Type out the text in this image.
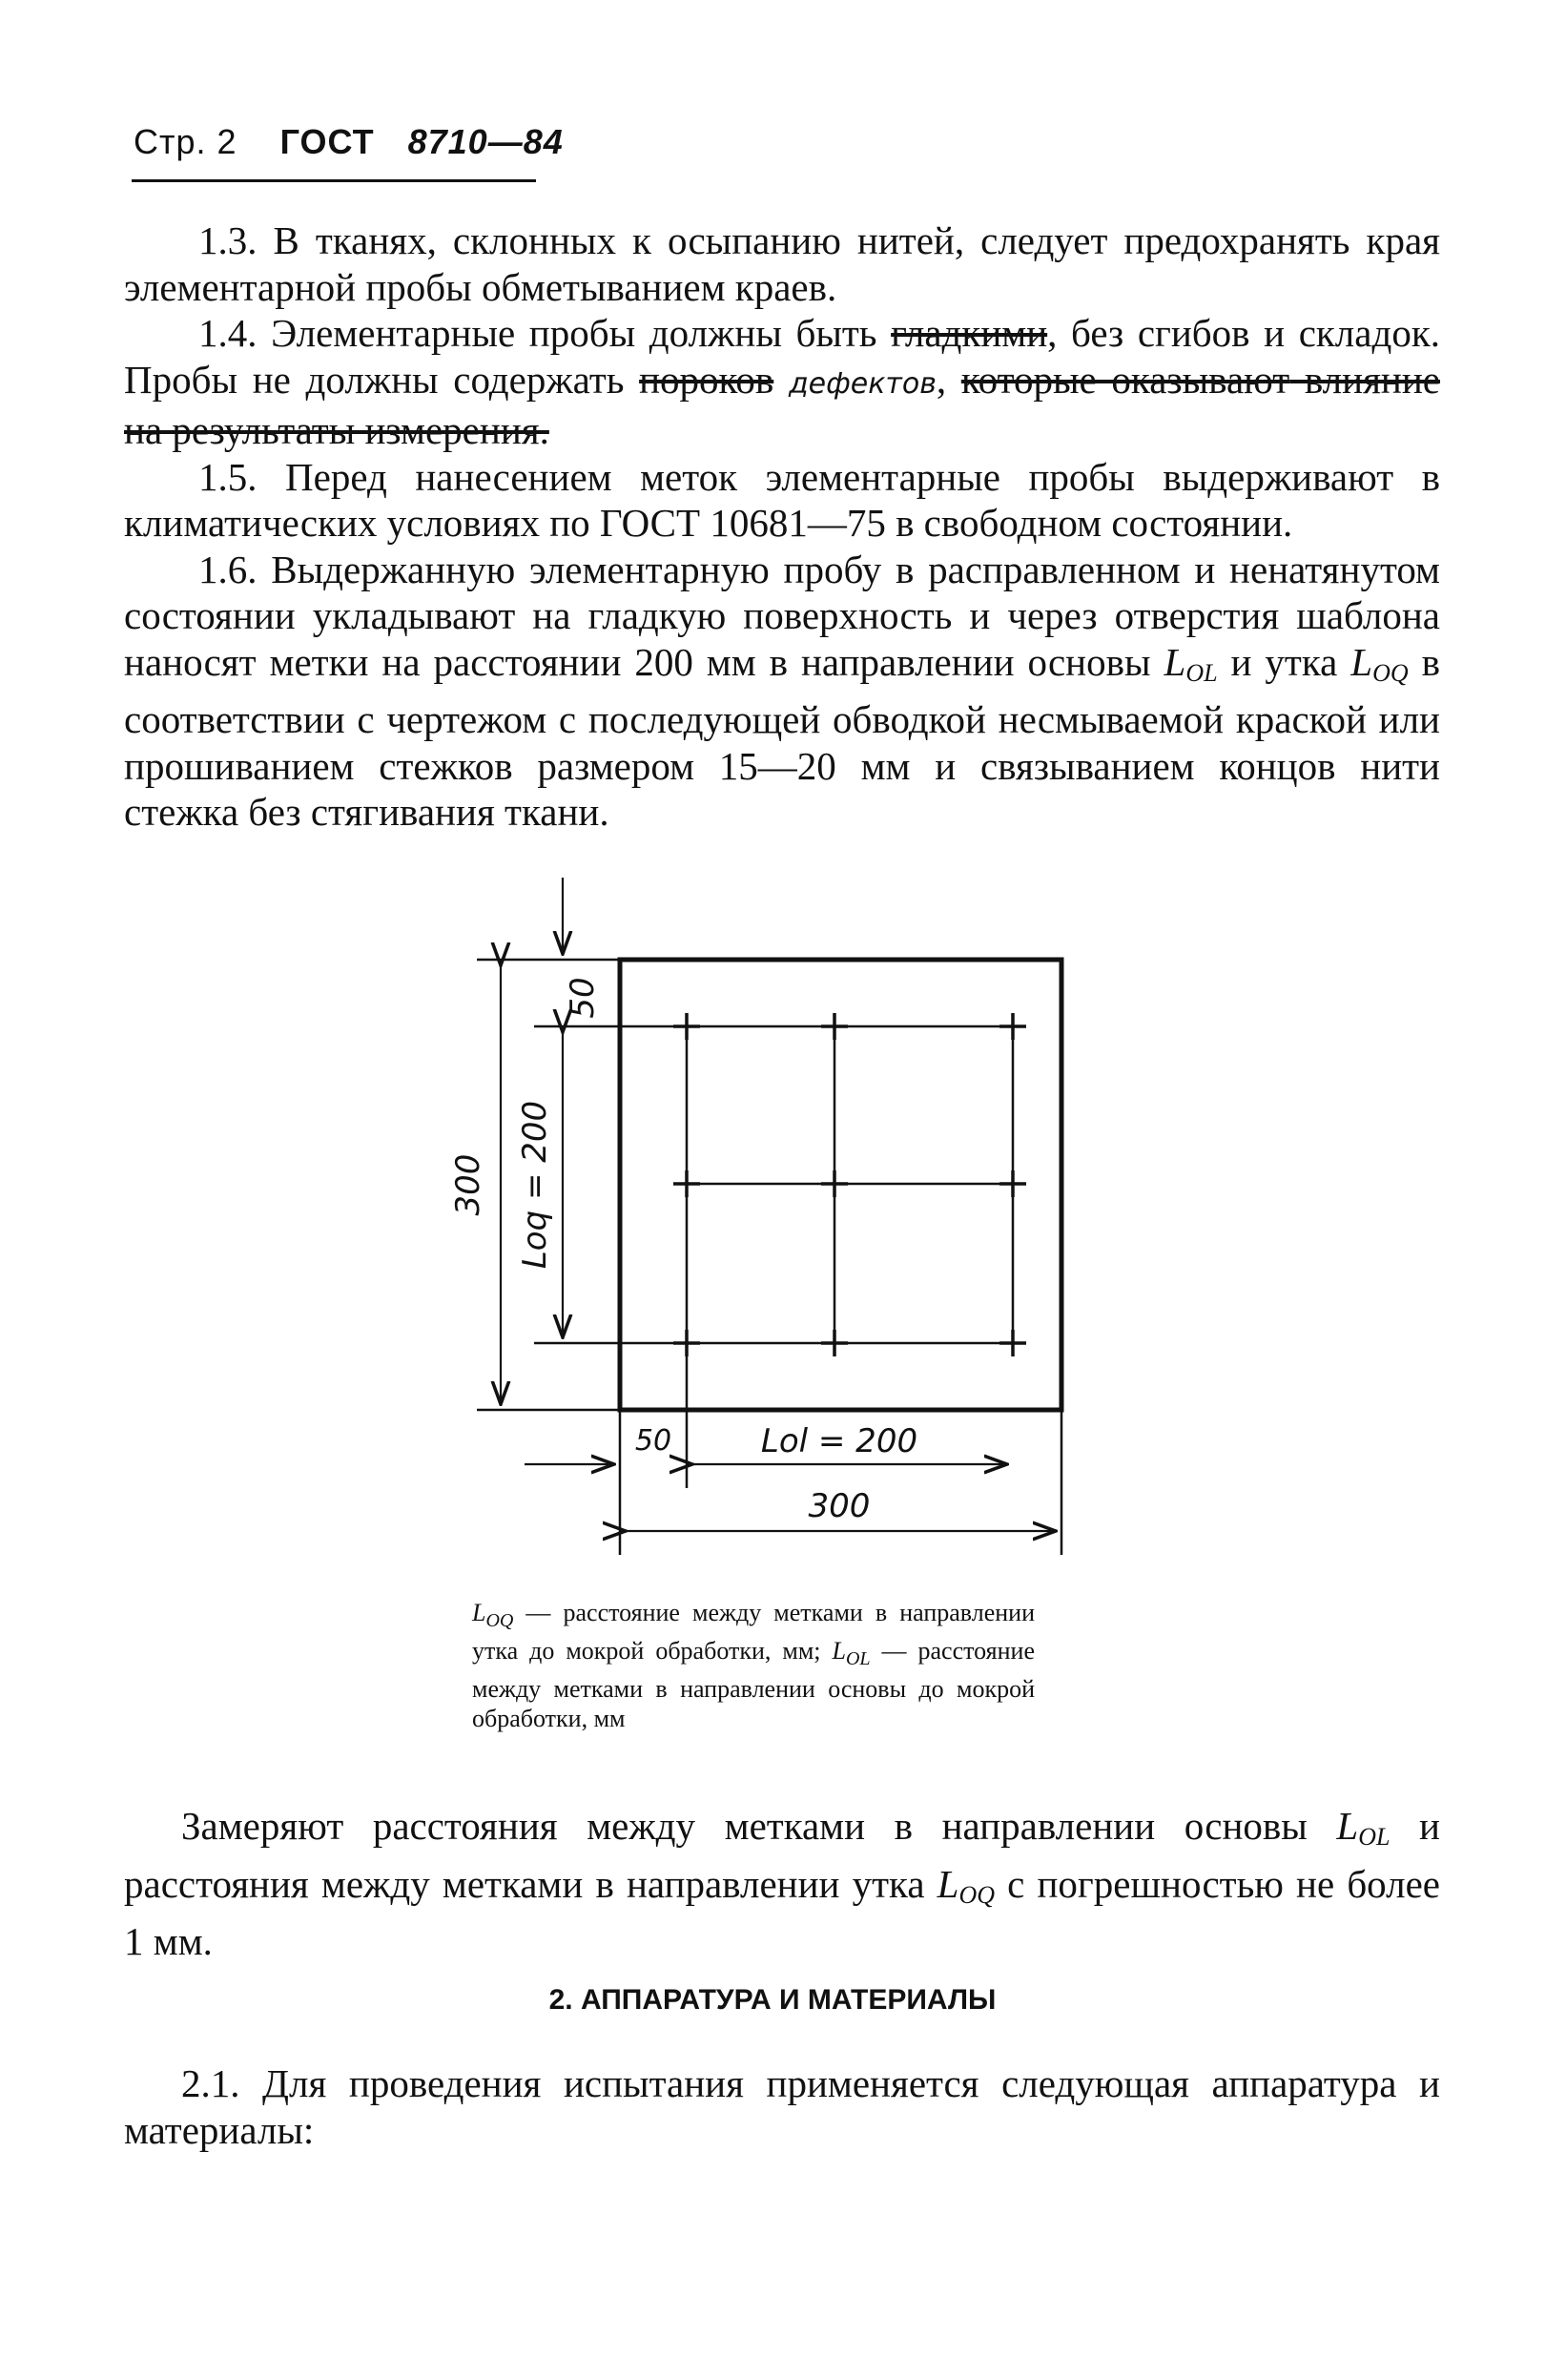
Стр. 2 ГОСТ 8710—84

1.3. В тканях, склонных к осыпанию нитей, следует предохранять края элементарной пробы обметыванием краев.

1.4. Элементарные пробы должны быть гладкими, без сгибов и складок. Пробы не должны содержать пороков дефектов, которые оказывают влияние на результаты измерения.

1.5. Перед нанесением меток элементарные пробы выдерживают в климатических условиях по ГОСТ 10681—75 в свободном состоянии.

1.6. Выдержанную элементарную пробу в расправленном и ненатянутом состоянии укладывают на гладкую поверхность и через отверстия шаблона наносят метки на расстоянии 200 мм в направлении основы $L_{OL}$ и утка $L_{OQ}$ в соответствии с чертежом с последующей обводкой несмываемой краской или прошиванием стежков размером 15—20 мм и связыванием концов нити стежка без стягивания ткани.

50
Loq = 200
300
50	Lol = 200
300
$L_{OQ}$ — расстояние между метками в направлении утка до мокрой обработки, мм; $L_{OL}$ — расстояние между метками в направлении основы до мокрой обработки, мм

Замеряют расстояния между метками в направлении основы $L_{OL}$ и расстояния между метками в направлении утка $L_{OQ}$ с погрешностью не более 1 мм.

2. АППАРАТУРА И МАТЕРИАЛЫ

2.1. Для проведения испытания применяется следующая аппаратура и материалы:
